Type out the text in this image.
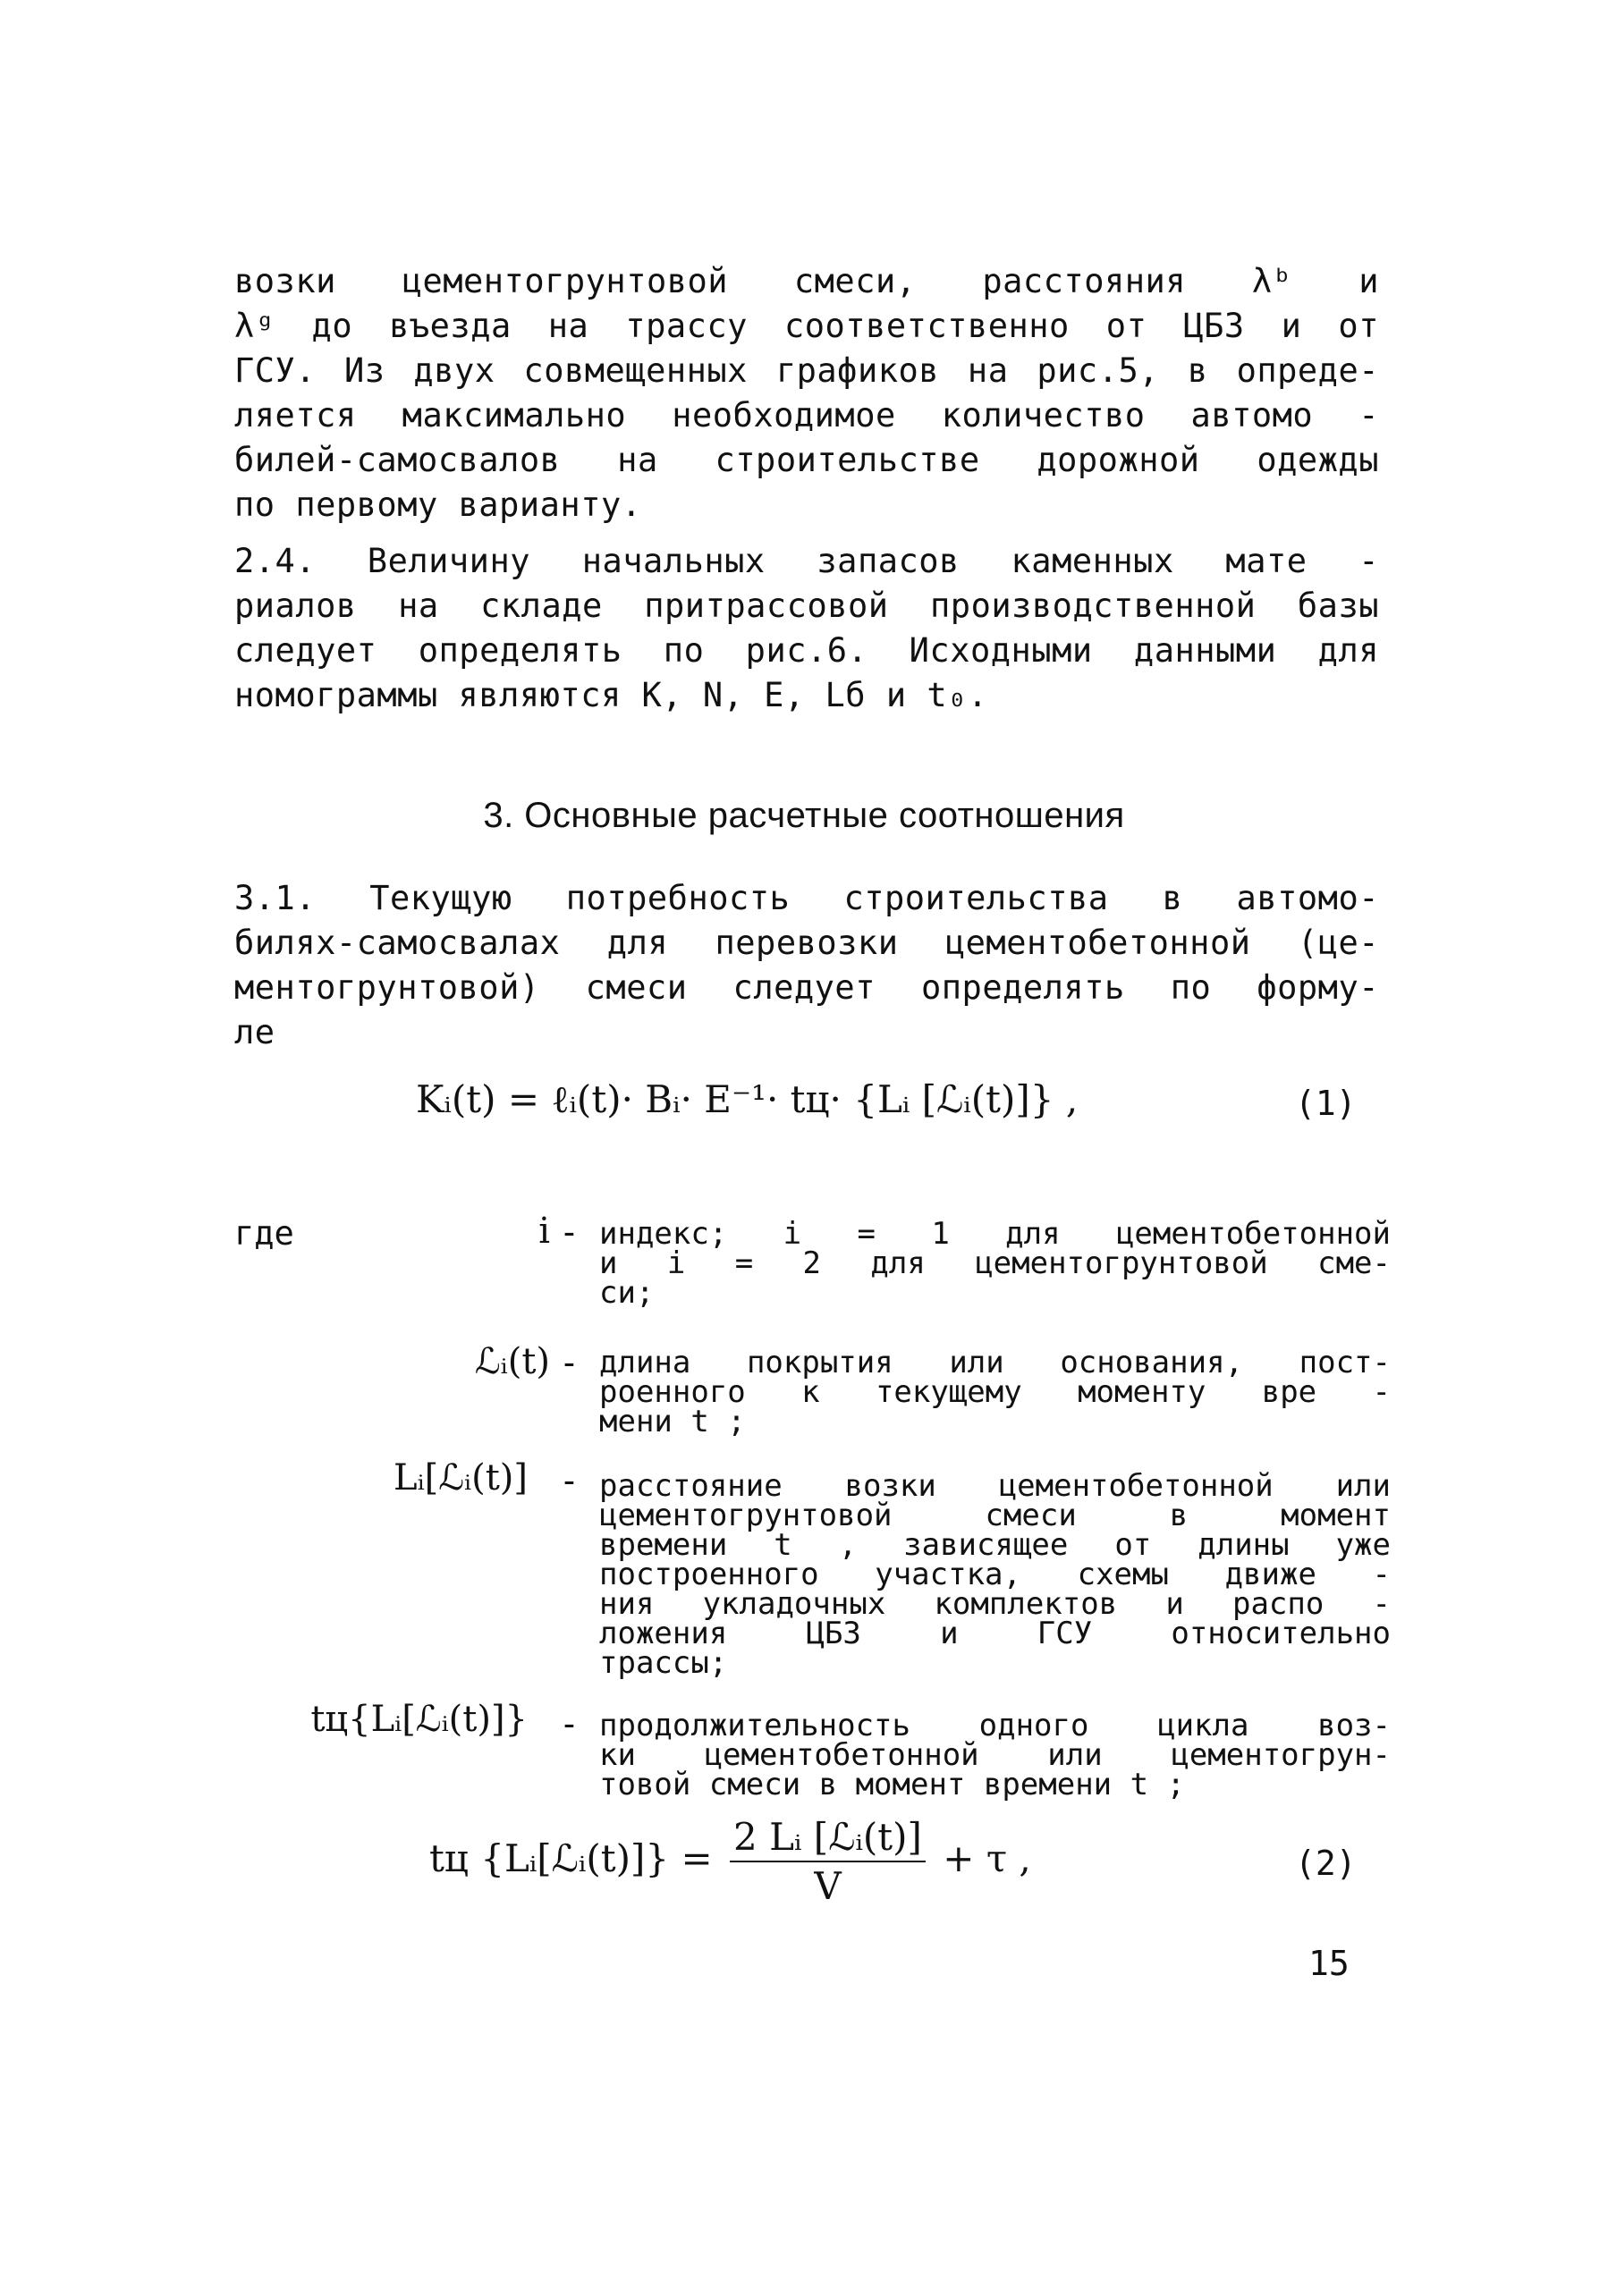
возки цементогрунтовой смеси, расстояния λᵇ и
λᵍ до въезда на трассу соответственно от ЦБЗ и от
ГСУ. Из двух совмещенных графиков на рис.5, в опреде-
ляется максимально необходимое количество автомо -
билей-самосвалов на строительстве дорожной одежды
по первому варианту.
2.4. Величину начальных запасов каменных мате -
риалов на складе притрассовой производственной базы
следует определять по рис.6. Исходными данными для
номограммы являются K, N, E, Lб и t₀.
3. Основные расчетные соотношения
3.1. Текущую потребность строительства в автомо-
билях-самосвалах для перевозки цементобетонной (це-
ментогрунтовой) смеси следует определять по форму-
ле
Kᵢ(t) = ℓᵢ(t)· Bᵢ· E⁻¹· tц· {Lᵢ [ℒᵢ(t)]} ,	(1)
где	i - индекс; i = 1 для цементобетонной
и i = 2 для цементогрунтовой сме-
си;
ℒᵢ(t) - длина покрытия или основания, пост-
роенного к текущему моменту вре -
мени t ;
Lᵢ[ℒᵢ(t)] - расстояние возки цементобетонной или
цементогрунтовой смеси в момент
времени t , зависящее от длины уже
построенного участка, схемы движе -
ния укладочных комплектов и распо -
ложения ЦБЗ и ГСУ относительно
трассы;
tц{Lᵢ[ℒᵢ(t)]} - продолжительность одного цикла воз-
ки цементобетонной или цементогрун-
товой смеси в момент времени t ;
tц {Lᵢ[ℒᵢ(t)]} = $\frac{\text{2 Lᵢ [ℒᵢ(t)]}}{V} + \tau$ ,	(2)
15
